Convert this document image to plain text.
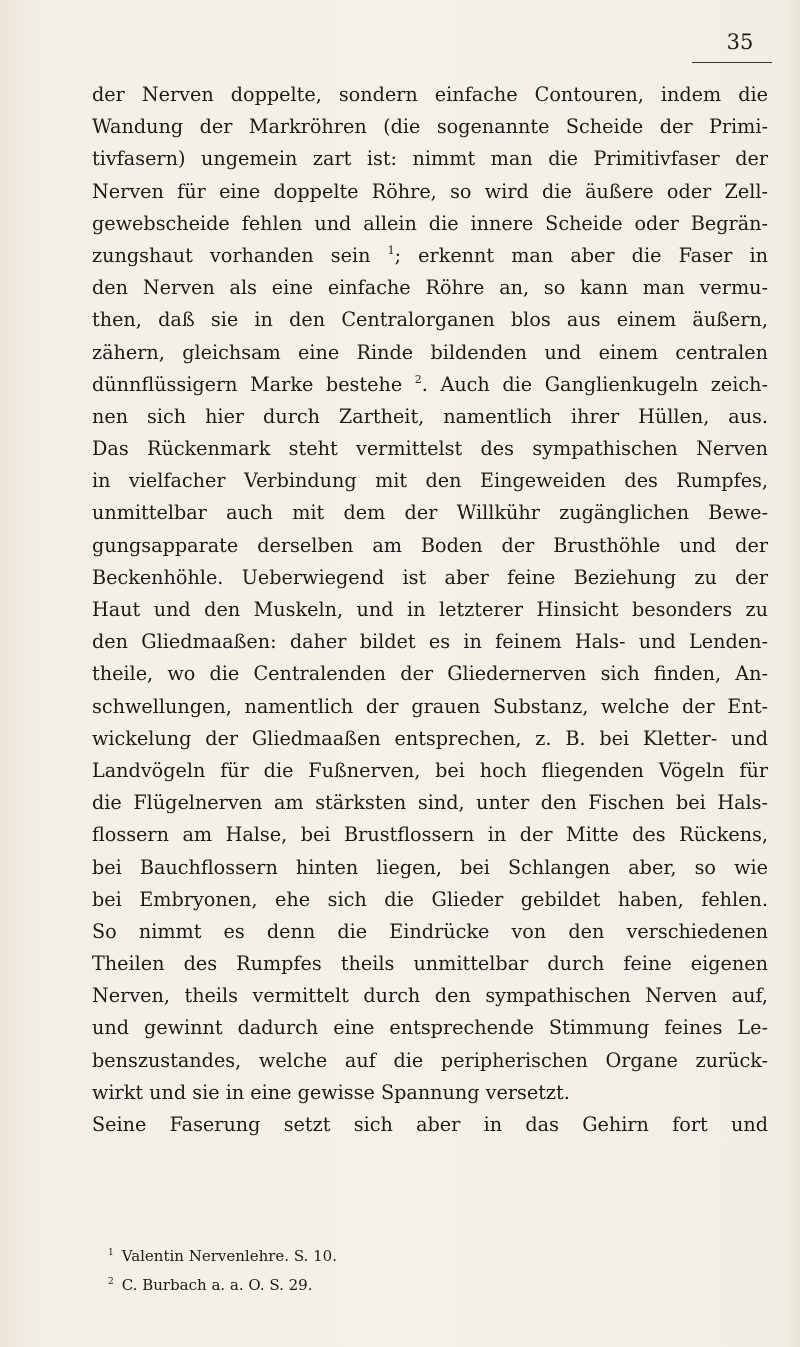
35
der Nerven doppelte, sondern einfache Contouren, indem die
Wandung der Markröhren (die sogenannte Scheide der Primi-
tivfasern) ungemein zart ist: nimmt man die Primitivfaser der
Nerven für eine doppelte Röhre, so wird die äußere oder Zell-
gewebscheide fehlen und allein die innere Scheide oder Begrän-
zungshaut vorhanden sein $^1$; erkennt man aber die Faser in
den Nerven als eine einfache Röhre an, so kann man vermu-
then, daß sie in den Centralorganen blos aus einem äußern,
zähern, gleichsam eine Rinde bildenden und einem centralen
dünnflüssigern Marke bestehe $^2$. Auch die Ganglienkugeln zeich-
nen sich hier durch Zartheit, namentlich ihrer Hüllen, aus.
Das Rückenmark steht vermittelst des sympathischen Nerven
in vielfacher Verbindung mit den Eingeweiden des Rumpfes,
unmittelbar auch mit dem der Willkühr zugänglichen Bewe-
gungsapparate derselben am Boden der Brusthöhle und der
Beckenhöhle. Ueberwiegend ist aber feine Beziehung zu der
Haut und den Muskeln, und in letzterer Hinsicht besonders zu
den Gliedmaaßen: daher bildet es in feinem Hals- und Lenden-
theile, wo die Centralenden der Gliedernerven sich finden, An-
schwellungen, namentlich der grauen Substanz, welche der Ent-
wickelung der Gliedmaaßen entsprechen, z. B. bei Kletter- und
Landvögeln für die Fußnerven, bei hoch fliegenden Vögeln für
die Flügelnerven am stärksten sind, unter den Fischen bei Hals-
flossern am Halse, bei Brustflossern in der Mitte des Rückens,
bei Bauchflossern hinten liegen, bei Schlangen aber, so wie
bei Embryonen, ehe sich die Glieder gebildet haben, fehlen.
So nimmt es denn die Eindrücke von den verschiedenen
Theilen des Rumpfes theils unmittelbar durch feine eigenen
Nerven, theils vermittelt durch den sympathischen Nerven auf,
und gewinnt dadurch eine entsprechende Stimmung feines Le-
benszustandes, welche auf die peripherischen Organe zurück-
wirkt und sie in eine gewisse Spannung versetzt.
Seine Faserung setzt sich aber in das Gehirn fort und
$^1$ Valentin Nervenlehre. S. 10.
$^2$ C. Burbach a. a. O. S. 29.
